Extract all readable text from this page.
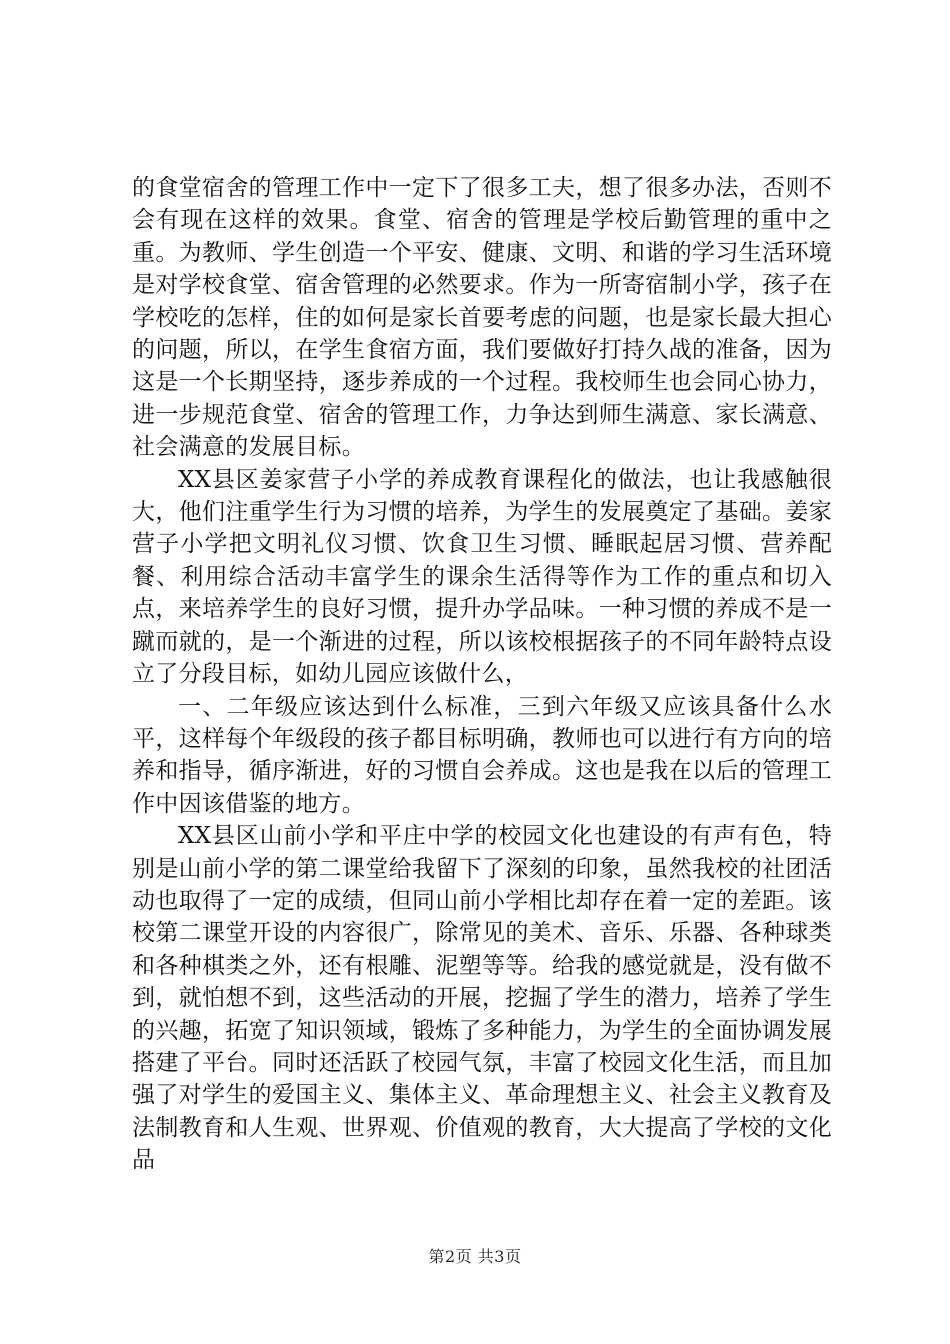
的食堂宿舍的管理工作中一定下了很多工夫，想了很多办法，否则不会有现在这样的效果。食堂、宿舍的管理是学校后勤管理的重中之重。为教师、学生创造一个平安、健康、文明、和谐的学习生活环境是对学校食堂、宿舍管理的必然要求。作为一所寄宿制小学，孩子在学校吃的怎样，住的如何是家长首要考虑的问题，也是家长最大担心的问题，所以，在学生食宿方面，我们要做好打持久战的准备，因为这是一个长期坚持，逐步养成的一个过程。我校师生也会同心协力，进一步规范食堂、宿舍的管理工作，力争达到师生满意、家长满意、社会满意的发展目标。

XX县区姜家营子小学的养成教育课程化的做法，也让我感触很大，他们注重学生行为习惯的培养，为学生的发展奠定了基础。姜家营子小学把文明礼仪习惯、饮食卫生习惯、睡眠起居习惯、营养配餐、利用综合活动丰富学生的课余生活得等作为工作的重点和切入点，来培养学生的良好习惯，提升办学品味。一种习惯的养成不是一蹴而就的，是一个渐进的过程，所以该校根据孩子的不同年龄特点设立了分段目标，如幼儿园应该做什么，

一、二年级应该达到什么标准，三到六年级又应该具备什么水平，这样每个年级段的孩子都目标明确，教师也可以进行有方向的培养和指导，循序渐进，好的习惯自会养成。这也是我在以后的管理工作中因该借鉴的地方。

XX县区山前小学和平庄中学的校园文化也建设的有声有色，特别是山前小学的第二课堂给我留下了深刻的印象，虽然我校的社团活动也取得了一定的成绩，但同山前小学相比却存在着一定的差距。该校第二课堂开设的内容很广，除常见的美术、音乐、乐器、各种球类和各种棋类之外，还有根雕、泥塑等等。给我的感觉就是，没有做不到，就怕想不到，这些活动的开展，挖掘了学生的潜力，培养了学生的兴趣，拓宽了知识领域，锻炼了多种能力，为学生的全面协调发展搭建了平台。同时还活跃了校园气氛，丰富了校园文化生活，而且加强了对学生的爱国主义、集体主义、革命理想主义、社会主义教育及法制教育和人生观、世界观、价值观的教育，大大提高了学校的文化品

第2页 共3页
